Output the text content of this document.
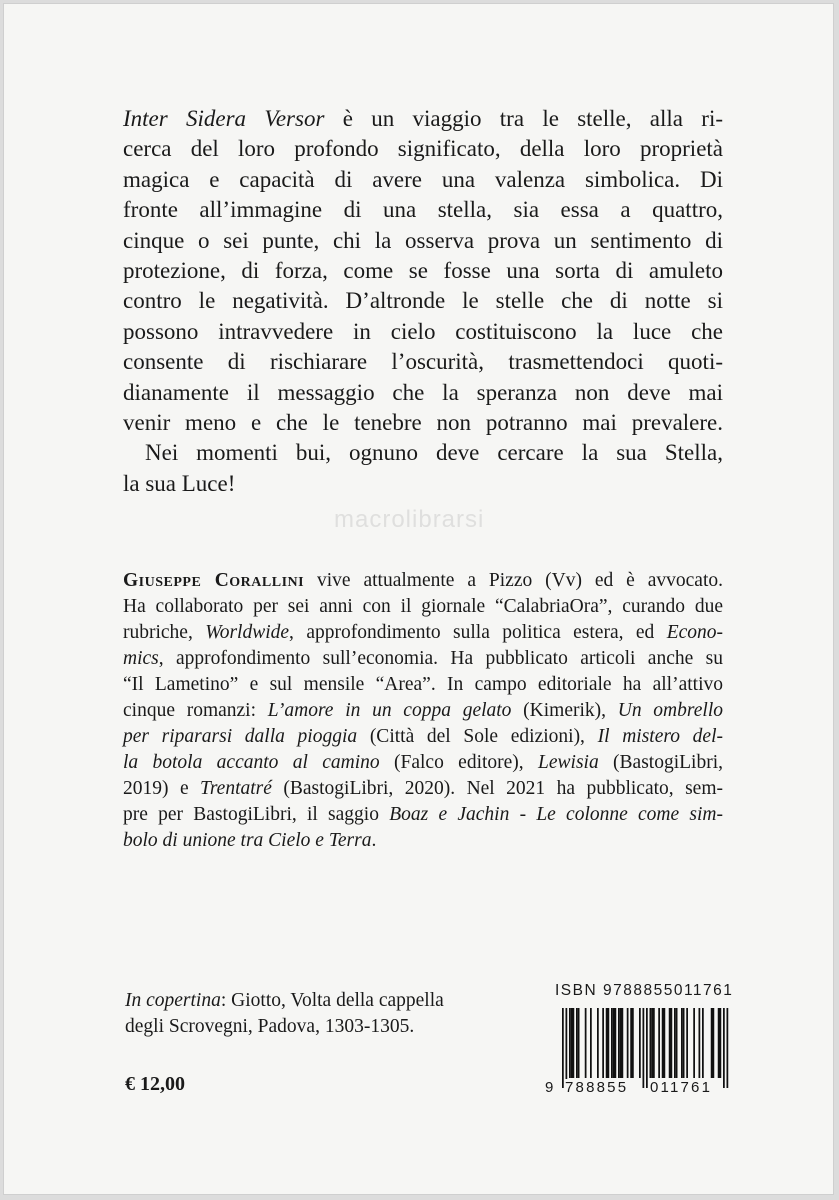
Inter Sidera Versor è un viaggio tra le stelle, alla ri-

cerca del loro profondo significato, della loro proprietà

magica e capacità di avere una valenza simbolica. Di

fronte all’immagine di una stella, sia essa a quattro,

cinque o sei punte, chi la osserva prova un sentimento di

protezione, di forza, come se fosse una sorta di amuleto

contro le negatività. D’altronde le stelle che di notte si

possono intravvedere in cielo costituiscono la luce che

consente di rischiarare l’oscurità, trasmettendoci quoti-

dianamente il messaggio che la speranza non deve mai

venir meno e che le tenebre non potranno mai prevalere.

Nei momenti bui, ognuno deve cercare la sua Stella,

la sua Luce!

macrolibrarsi

Giuseppe Corallini vive attualmente a Pizzo (Vv) ed è avvocato.

Ha collaborato per sei anni con il giornale “CalabriaOra”, curando due

rubriche, Worldwide, approfondimento sulla politica estera, ed Econo-

mics, approfondimento sull’economia. Ha pubblicato articoli anche su

“Il Lametino” e sul mensile “Area”. In campo editoriale ha all’attivo

cinque romanzi: L’amore in un coppa gelato (Kimerik), Un ombrello

per ripararsi dalla pioggia (Città del Sole edizioni), Il mistero del-

la botola accanto al camino (Falco editore), Lewisia (BastogiLibri,

2019) e Trentatré (BastogiLibri, 2020). Nel 2021 ha pubblicato, sem-

pre per BastogiLibri, il saggio Boaz e Jachin - Le colonne come sim-

bolo di unione tra Cielo e Terra.

In copertina: Giotto, Volta della cappella
degli Scrovegni, Padova, 1303-1305.

€ 12,00

ISBN 9788855011761
9 788855 011761
